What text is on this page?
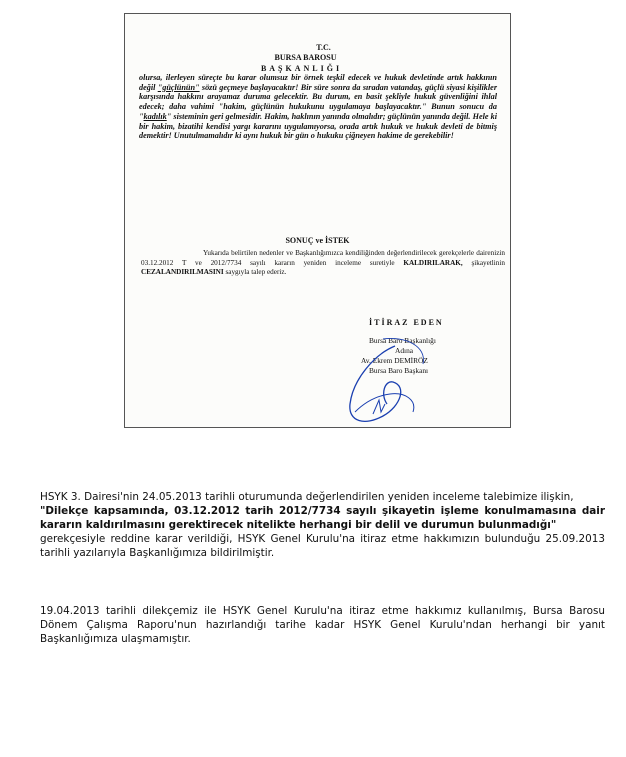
T.C.
BURSA BAROSU
BAŞKANLIĞI
olursa, ilerleyen süreçte bu karar olumsuz bir örnek teşkil edecek ve hukuk devletinde artık hakkının değil "güçlünün" sözü geçmeye başlayacaktır! Bir süre sonra da sıradan vatandaş, güçlü siyasi kişilikler karşısında hakkını arayamaz duruma gelecektir. Bu durum, en basit şekliyle hukuk güvenliğini ihlal edecek; daha vahimi "hakim, güçlünün hukukunu uygulamaya başlayacaktır." Bunun sonucu da "kadılık" sisteminin geri gelmesidir. Hakim, haklının yanında olmalıdır; güçlünün yanında değil. Hele ki bir hakim, bizatihi kendisi yargı kararını uygulamıyorsa, orada artık hukuk ve hukuk devleti de bitmiş demektir! Unutulmamalıdır ki aynı hukuk bir gün o hukuku çiğneyen hakime de gerekebilir!
SONUÇ ve İSTEK
Yukarıda belirtilen nedenler ve Başkanlığımızca kendiliğinden değerlendirilecek gerekçelerle dairenizin 03.12.2012 T ve 2012/7734 sayılı kararın yeniden inceleme suretiyle KALDIRILARAK, şikayetlinin CEZALANDIRILMASINI saygıyla talep ederiz.
İTİRAZ EDEN
Bursa Baro Başkanlığı
Adına
Av. Ekrem DEMİRÖZ
Bursa Baro Başkanı
HSYK 3. Dairesi'nin 24.05.2013 tarihli oturumunda değerlendirilen yeniden inceleme talebimize ilişkin,
"Dilekçe kapsamında, 03.12.2012 tarih 2012/7734 sayılı şikayetin işleme konulmamasına dair kararın kaldırılmasını gerektirecek nitelikte herhangi bir delil ve durumun bulunmadığı"
gerekçesiyle reddine karar verildiği, HSYK Genel Kurulu'na itiraz etme hakkımızın bulunduğu 25.09.2013 tarihli yazılarıyla Başkanlığımıza bildirilmiştir.
19.04.2013 tarihli dilekçemiz ile HSYK Genel Kurulu'na itiraz etme hakkımız kullanılmış, Bursa Barosu Dönem Çalışma Raporu'nun hazırlandığı tarihe kadar HSYK Genel Kurulu'ndan herhangi bir yanıt Başkanlığımıza ulaşmamıştır.
